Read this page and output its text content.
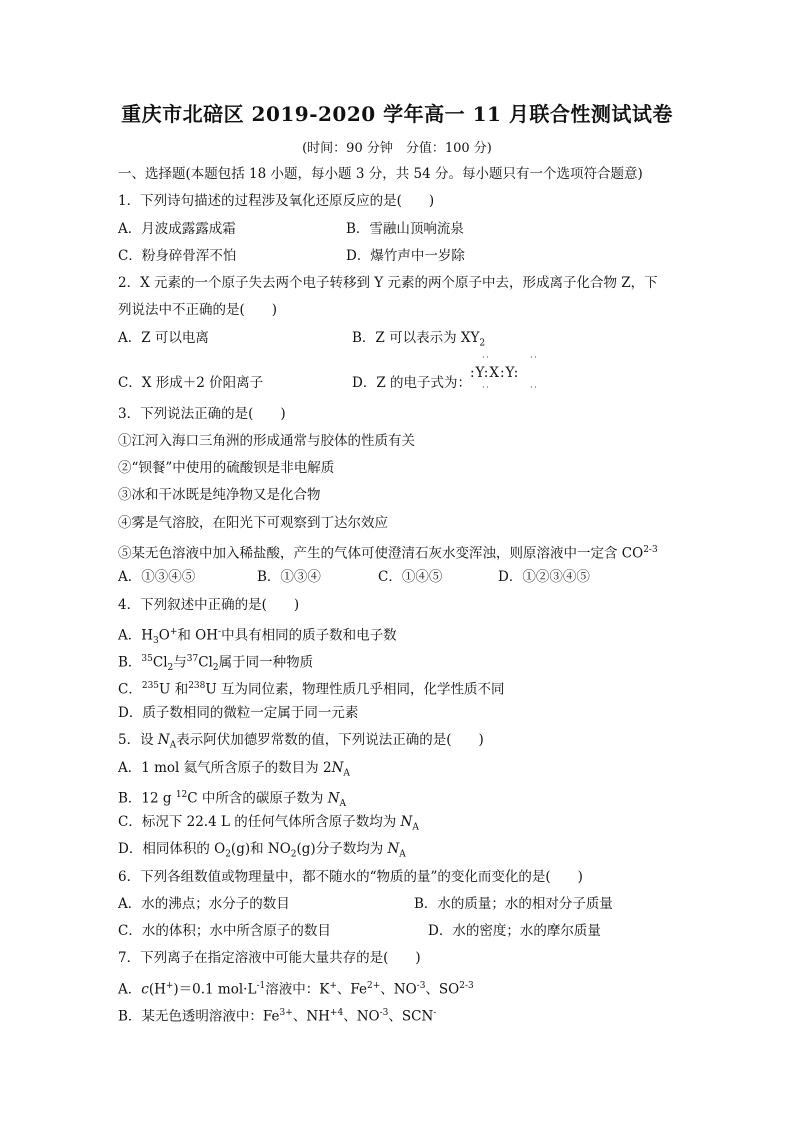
重庆市北碚区 2019-2020 学年高一 11 月联合性测试试卷
(时间：90 分钟　分值：100 分)
一、选择题(本题包括 18 小题，每小题 3 分，共 54 分。每小题只有一个选项符合题意)
1．下列诗句描述的过程涉及氧化还原反应的是(　　)
A．月波成露露成霜	B．雪融山顶响流泉
C．粉身碎骨浑不怕	D．爆竹声中一岁除
2．X 元素的一个原子失去两个电子转移到 Y 元素的两个原子中去，形成离子化合物 Z，下
列说法中不正确的是(　　)
A．Z 可以电离	B．Z 可以表示为 $XY_2$
C．X 形成＋2 价阳离子	D．Z 的电子式为：
· ·	· ·
:Y:X:Y:
· ·	· ·
3．下列说法正确的是(　　)
①江河入海口三角洲的形成通常与胶体的性质有关
②“钡餐”中使用的硫酸钡是非电解质
③冰和干冰既是纯净物又是化合物
④雾是气溶胶，在阳光下可观察到丁达尔效应
⑤某无色溶液中加入稀盐酸，产生的气体可使澄清石灰水变浑浊，则原溶液中一定含 CO$^{2-3}$
A．①③④⑤	B．①③④	C．①④⑤	D．①②③④⑤
4．下列叙述中正确的是(　　)
A．$H_3O^+$和 OH-中具有相同的质子数和电子数
B．$^{35}Cl_2$与$^{37}Cl_2$属于同一种物质
C．$^{235}$U 和$^{238}$U 互为同位素，物理性质几乎相同，化学性质不同
D．质子数相同的微粒一定属于同一元素
5．设 $N_A$表示阿伏加德罗常数的值，下列说法正确的是(　　)
A．1 mol 氦气所含原子的数目为 $2N_A$
B．12 g $^{12}$C 中所含的碳原子数为 $N_A$
C．标况下 22.4 L 的任何气体所含原子数均为 $N_A$
D．相同体积的 $O_2(g)$和 $NO_2(g)$分子数均为 $N_A$
6．下列各组数值或物理量中，都不随水的“物质的量”的变化而变化的是(　　)
A．水的沸点；水分子的数目	B．水的质量；水的相对分子质量
C．水的体积；水中所含原子的数目	D．水的密度；水的摩尔质量
7．下列离子在指定溶液中可能大量共存的是(　　)
A．c(H+)＝0.1 $mol\cdot L^{-1}$溶液中：K+、$Fe^{2+}$、$NO^{-3}$、SO$^{2-3}$
B．某无色透明溶液中：$Fe^{3+}$、$NH^{+4}$、$NO^{-3}$、SCN-
